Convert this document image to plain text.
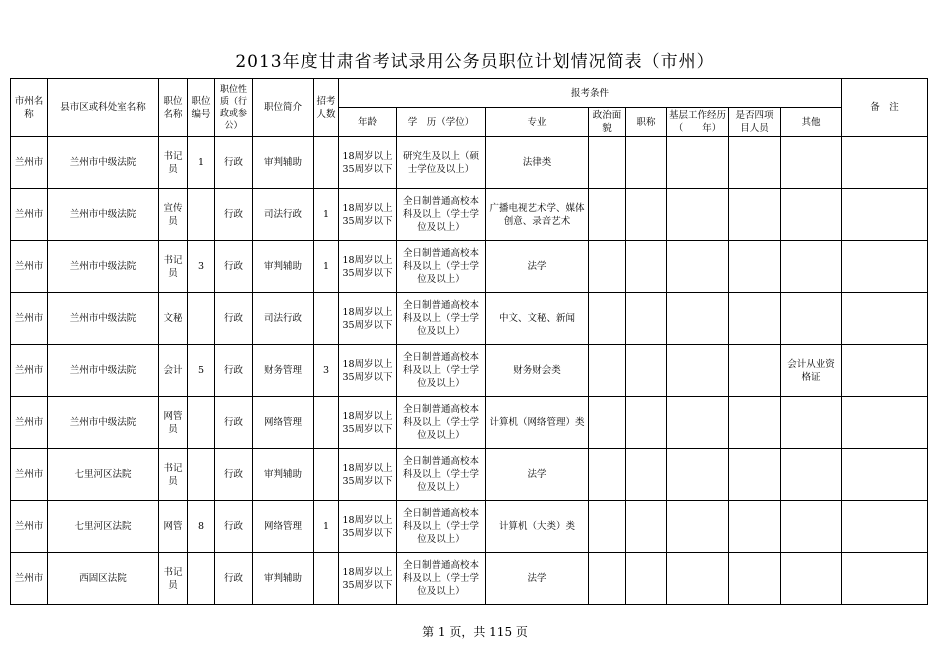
2013年度甘肃省考试录用公务员职位计划情况简表（市州）
市州名称	县市区或科处室名称	职位名称	职位编号	职位性质（行政或参公）	职位简介	招考人数	报考条件								备　注
							年龄	学　历（学位）	专业	政治面貌	职称	基层工作经历（　　年）	是否四项目人员	其他	
兰州市	兰州市中级法院	书记员	1	行政	审判辅助		18周岁以上35周岁以下	研究生及以上（硕士学位及以上）	法律类						
兰州市	兰州市中级法院	宣传员		行政	司法行政	1	18周岁以上35周岁以下	全日制普通高校本科及以上（学士学位及以上）	广播电视艺术学、媒体创意、录音艺术						
兰州市	兰州市中级法院	书记员	3	行政	审判辅助	1	18周岁以上35周岁以下	全日制普通高校本科及以上（学士学位及以上）	法学						
兰州市	兰州市中级法院	文秘		行政	司法行政		18周岁以上35周岁以下	全日制普通高校本科及以上（学士学位及以上）	中文、文秘、新闻						
兰州市	兰州市中级法院	会计	5	行政	财务管理	3	18周岁以上35周岁以下	全日制普通高校本科及以上（学士学位及以上）	财务财会类					会计从业资格证	
兰州市	兰州市中级法院	网管员		行政	网络管理		18周岁以上35周岁以下	全日制普通高校本科及以上（学士学位及以上）	计算机（网络管理）类						
兰州市	七里河区法院	书记员		行政	审判辅助		18周岁以上35周岁以下	全日制普通高校本科及以上（学士学位及以上）	法学						
兰州市	七里河区法院	网管	8	行政	网络管理	1	18周岁以上35周岁以下	全日制普通高校本科及以上（学士学位及以上）	计算机（大类）类						
兰州市	西固区法院	书记员		行政	审判辅助		18周岁以上35周岁以下	全日制普通高校本科及以上（学士学位及以上）	法学						
第 1 页，共 115 页
